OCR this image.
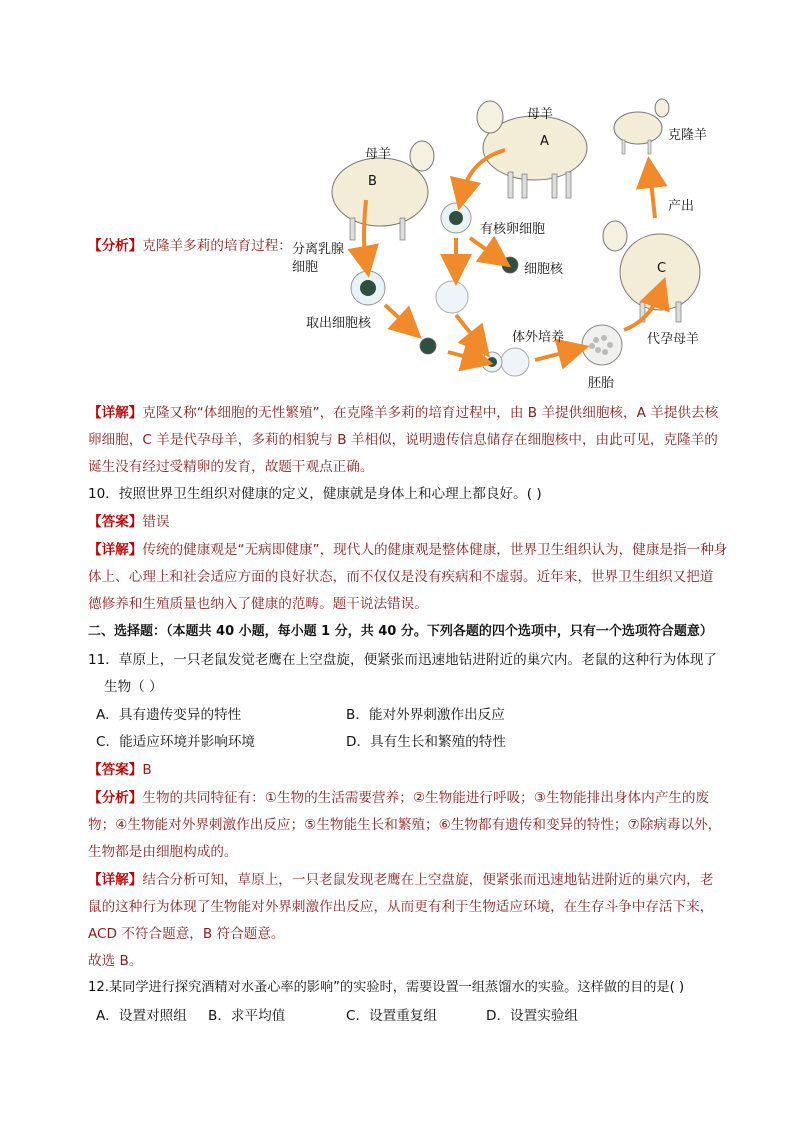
A
B
C
母羊
母羊
克隆羊
产出
有核卵细胞
细胞核
分离乳腺
细胞
取出细胞核
体外培养
胚胎
代孕母羊
【分析】克隆羊多莉的培育过程：
【详解】克隆又称“体细胞的无性繁殖”，在克隆羊多莉的培育过程中，由 B 羊提供细胞核，A 羊提供去核
卵细胞，C 羊是代孕母羊，多莉的相貌与 B 羊相似，说明遗传信息储存在细胞核中，由此可见，克隆羊的
诞生没有经过受精卵的发育，故题干观点正确。
10．按照世界卫生组织对健康的定义，健康就是身体上和心理上都良好。( )
【答案】错误
【详解】传统的健康观是“无病即健康”，现代人的健康观是整体健康，世界卫生组织认为，健康是指一种身
体上、心理上和社会适应方面的良好状态，而不仅仅是没有疾病和不虚弱。近年来，世界卫生组织又把道
德修养和生殖质量也纳入了健康的范畴。题干说法错误。
二、选择题：（本题共 40 小题，每小题 1 分，共 40 分。下列各题的四个选项中，只有一个选项符合题意）
11．草原上，一只老鼠发觉老鹰在上空盘旋，便紧张而迅速地钻进附近的巢穴内。老鼠的这种行为体现了
生物（ ）
A．具有遗传变异的特性	B．能对外界刺激作出反应
C．能适应环境并影响环境	D．具有生长和繁殖的特性
【答案】B
【分析】生物的共同特征有：①生物的生活需要营养；②生物能进行呼吸；③生物能排出身体内产生的废
物；④生物能对外界刺激作出反应；⑤生物能生长和繁殖；⑥生物都有遗传和变异的特性；⑦除病毒以外，
生物都是由细胞构成的。
【详解】结合分析可知，草原上，一只老鼠发现老鹰在上空盘旋，便紧张而迅速地钻进附近的巢穴内，老
鼠的这种行为体现了生物能对外界刺激作出反应，从而更有利于生物适应环境，在生存斗争中存活下来，
ACD 不符合题意，B 符合题意。
故选 B。
12.某同学进行探究酒精对水蚤心率的影响”的实验时，需要设置一组蒸馏水的实验。这样做的目的是( )
A．设置对照组 B．求平均值	C．设置重复组	D．设置实验组
